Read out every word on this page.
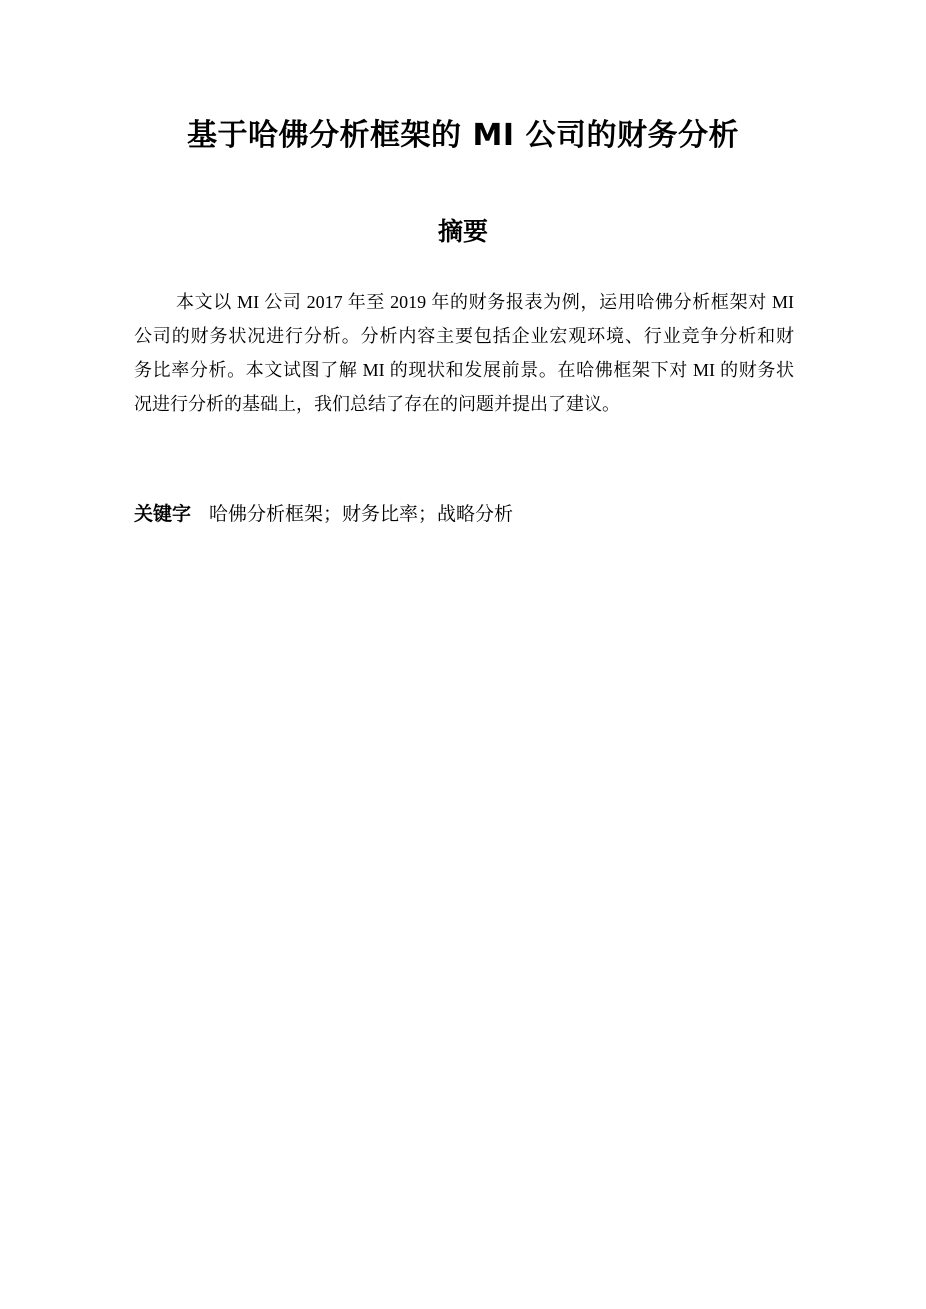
基于哈佛分析框架的 MI 公司的财务分析
摘要
本文以 MI 公司 2017 年至 2019 年的财务报表为例，运用哈佛分析框架对 MI
公司的财务状况进行分析。分析内容主要包括企业宏观环境、行业竞争分析和财
务比率分析。本文试图了解 MI 的现状和发展前景。在哈佛框架下对 MI 的财务状
况进行分析的基础上，我们总结了存在的问题并提出了建议。
关键字 哈佛分析框架；财务比率；战略分析
